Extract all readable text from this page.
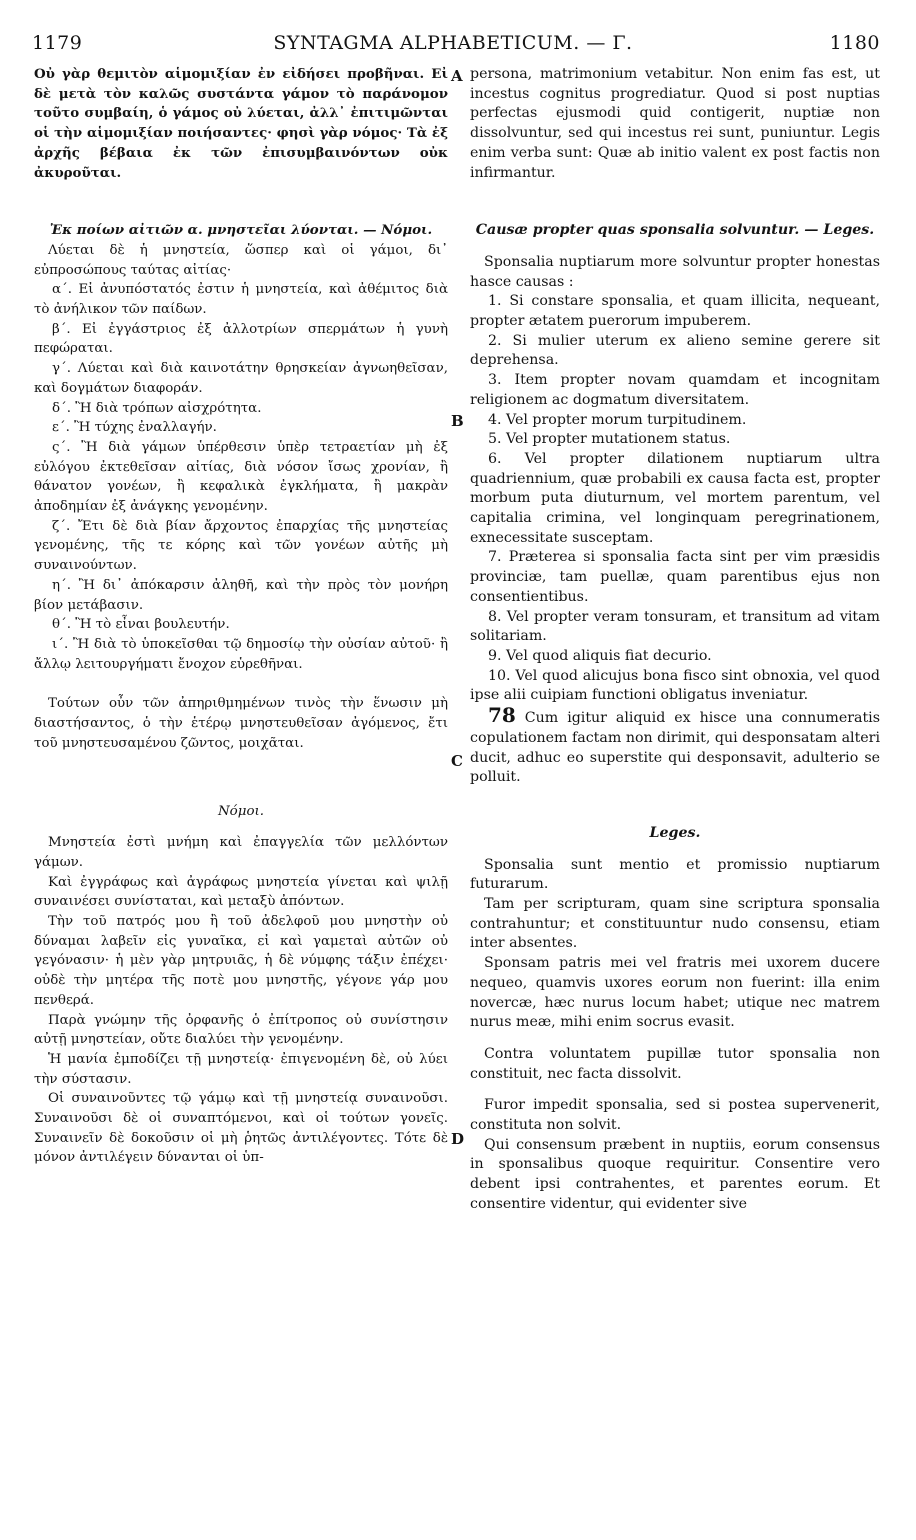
1179	SYNTAGMA ALPHABETICUM. — Γ.	1180
A
B
C
D

Οὐ γὰρ θεμιτὸν αἱμομιξίαν ἐν εἰδήσει προβῆναι. Εἰ δὲ μετὰ τὸν καλῶς συστάντα γάμον τὸ παράνομον τοῦτο συμβαίη, ὁ γάμος οὐ λύεται, ἀλλ᾽ ἐπιτιμῶνται οἱ τὴν αἱμομιξίαν ποιήσαντες· φησὶ γὰρ νόμος· Τὰ ἐξ ἀρχῆς βέβαια ἐκ τῶν ἐπισυμβαινόντων οὐκ ἀκυροῦται.

Ἐκ ποίων αἰτιῶν α. μνηστεῖαι λύονται. — Νόμοι.

Λύεται δὲ ἡ μνηστεία, ὥσπερ καὶ οἱ γάμοι, δι᾽ εὐπροσώπους ταύτας αἰτίας·

α΄. Εἰ ἀνυπόστατός ἐστιν ἡ μνηστεία, καὶ ἀθέμιτος διὰ τὸ ἀνήλικον τῶν παίδων.

β΄. Εἰ ἐγγάστριος ἐξ ἀλλοτρίων σπερμάτων ἡ γυνὴ πεφώραται.

γ΄. Λύεται καὶ διὰ καινοτάτην θρησκείαν ἀγνωηθεῖσαν, καὶ δογμάτων διαφοράν.

δ΄. Ἢ διὰ τρόπων αἰσχρότητα.

ε΄. Ἢ τύχης ἐναλλαγήν.

ς΄. Ἢ διὰ γάμων ὑπέρθεσιν ὑπὲρ τετραετίαν μὴ ἐξ εὐλόγου ἐκτεθεῖσαν αἰτίας, διὰ νόσον ἴσως χρονίαν, ἢ θάνατον γονέων, ἢ κεφαλικὰ ἐγκλήματα, ἢ μακρὰν ἀποδημίαν ἐξ ἀνάγκης γενομένην.

ζ΄. Ἔτι δὲ διὰ βίαν ἄρχοντος ἐπαρχίας τῆς μνηστείας γενομένης, τῆς τε κόρης καὶ τῶν γονέων αὐτῆς μὴ συναινούντων.

η΄. Ἢ δι᾽ ἀπόκαρσιν ἀληθῆ, καὶ τὴν πρὸς τὸν μονήρη βίον μετάβασιν.

θ΄. Ἢ τὸ εἶναι βουλευτήν.

ι΄. Ἢ διὰ τὸ ὑποκεῖσθαι τῷ δημοσίῳ τὴν οὐσίαν αὐτοῦ· ἢ ἄλλῳ λειτουργήματι ἔνοχον εὑρεθῆναι.

Τούτων οὖν τῶν ἀπηριθμημένων τινὸς τὴν ἕνωσιν μὴ διαστήσαντος, ὁ τὴν ἑτέρῳ μνηστευθεῖσαν ἀγόμενος, ἔτι τοῦ μνηστευσαμένου ζῶντος, μοιχᾶται.

Νόμοι.

Μνηστεία ἐστὶ μνήμη καὶ ἐπαγγελία τῶν μελλόντων γάμων.

Καὶ ἐγγράφως καὶ ἀγράφως μνηστεία γίνεται καὶ ψιλῇ συναινέσει συνίσταται, καὶ μεταξὺ ἀπόντων.

Τὴν τοῦ πατρός μου ἢ τοῦ ἀδελφοῦ μου μνηστὴν οὐ δύναμαι λαβεῖν εἰς γυναῖκα, εἰ καὶ γαμεταὶ αὐτῶν οὐ γεγόνασιν· ἡ μὲν γὰρ μητρυιᾶς, ἡ δὲ νύμφης τάξιν ἐπέχει· οὐδὲ τὴν μητέρα τῆς ποτὲ μου μνηστῆς, γέγονε γάρ μου πενθερά.

Παρὰ γνώμην τῆς ὀρφανῆς ὁ ἐπίτροπος οὐ συνίστησιν αὐτῇ μνηστείαν, οὔτε διαλύει τὴν γενομένην.

Ἡ μανία ἐμποδίζει τῇ μνηστείᾳ· ἐπιγενομένη δὲ, οὐ λύει τὴν σύστασιν.

Οἱ συναινοῦντες τῷ γάμῳ καὶ τῇ μνηστείᾳ συναινοῦσι. Συναινοῦσι δὲ οἱ συναπτόμενοι, καὶ οἱ τούτων γονεῖς. Συναινεῖν δὲ δοκοῦσιν οἱ μὴ ῥητῶς ἀντιλέγοντες. Τότε δὲ μόνον ἀντιλέγειν δύνανται οἱ ὑπ-

persona, matrimonium vetabitur. Non enim fas est, ut incestus cognitus progrediatur. Quod si post nuptias perfectas ejusmodi quid contigerit, nuptiæ non dissolvuntur, sed qui incestus rei sunt, puniuntur. Legis enim verba sunt: Quæ ab initio valent ex post factis non infirmantur.

Causæ propter quas sponsalia solvuntur. — Leges.

Sponsalia nuptiarum more solvuntur propter honestas hasce causas :

1. Si constare sponsalia, et quam illicita, nequeant, propter ætatem puerorum impuberem.

2. Si mulier uterum ex alieno semine gerere sit deprehensa.

3. Item propter novam quamdam et incognitam religionem ac dogmatum diversitatem.

4. Vel propter morum turpitudinem.

5. Vel propter mutationem status.

6. Vel propter dilationem nuptiarum ultra quadriennium, quæ probabili ex causa facta est, propter morbum puta diuturnum, vel mortem parentum, vel capitalia crimina, vel longinquam peregrinationem, exnecessitate susceptam.

7. Præterea si sponsalia facta sint per vim præsidis provinciæ, tam puellæ, quam parentibus ejus non consentientibus.

8. Vel propter veram tonsuram, et transitum ad vitam solitariam.

9. Vel quod aliquis fiat decurio.

10. Vel quod alicujus bona fisco sint obnoxia, vel quod ipse alii cuipiam functioni obligatus inveniatur.

78 Cum igitur aliquid ex hisce una connumeratis copulationem factam non dirimit, qui desponsatam alteri ducit, adhuc eo superstite qui desponsavit, adulterio se polluit.

Leges.

Sponsalia sunt mentio et promissio nuptiarum futurarum.

Tam per scripturam, quam sine scriptura sponsalia contrahuntur; et constituuntur nudo consensu, etiam inter absentes.

Sponsam patris mei vel fratris mei uxorem ducere nequeo, quamvis uxores eorum non fuerint: illa enim novercæ, hæc nurus locum habet; utique nec matrem nurus meæ, mihi enim socrus evasit.

Contra voluntatem pupillæ tutor sponsalia non constituit, nec facta dissolvit.

Furor impedit sponsalia, sed si postea supervenerit, constituta non solvit.

Qui consensum præbent in nuptiis, eorum consensus in sponsalibus quoque requiritur. Consentire vero debent ipsi contrahentes, et parentes eorum. Et consentire videntur, qui evidenter sive
